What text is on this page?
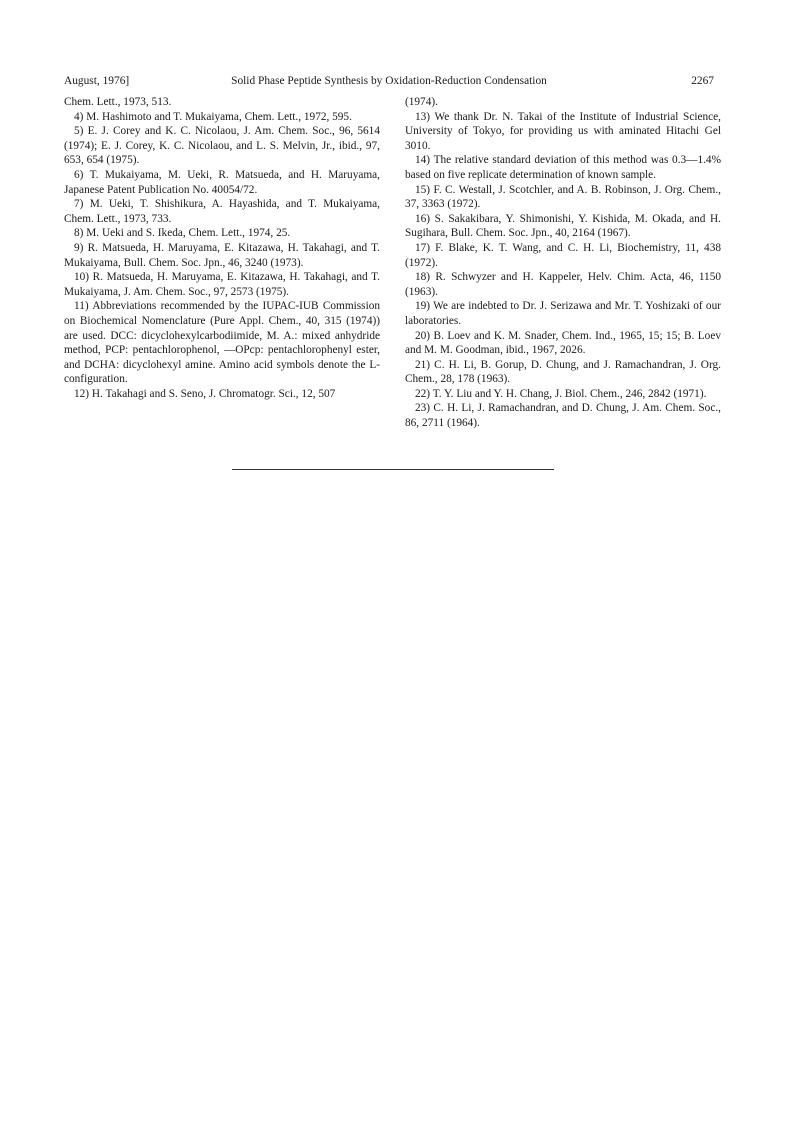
Solid Phase Peptide Synthesis by Oxidation-Reduction Condensation
August, 1976]	2267

Chem. Lett., 1973, 513.

4) M. Hashimoto and T. Mukaiyama, Chem. Lett., 1972, 595.

5) E. J. Corey and K. C. Nicolaou, J. Am. Chem. Soc., 96, 5614 (1974); E. J. Corey, K. C. Nicolaou, and L. S. Melvin, Jr., ibid., 97, 653, 654 (1975).

6) T. Mukaiyama, M. Ueki, R. Matsueda, and H. Maruyama, Japanese Patent Publication No. 40054/72.

7) M. Ueki, T. Shishikura, A. Hayashida, and T. Mukaiyama, Chem. Lett., 1973, 733.

8) M. Ueki and S. Ikeda, Chem. Lett., 1974, 25.

9) R. Matsueda, H. Maruyama, E. Kitazawa, H. Takahagi, and T. Mukaiyama, Bull. Chem. Soc. Jpn., 46, 3240 (1973).

10) R. Matsueda, H. Maruyama, E. Kitazawa, H. Takahagi, and T. Mukaiyama, J. Am. Chem. Soc., 97, 2573 (1975).

11) Abbreviations recommended by the IUPAC-IUB Commission on Biochemical Nomenclature (Pure Appl. Chem., 40, 315 (1974)) are used. DCC: dicyclohexylcarbodiimide, M. A.: mixed anhydride method, PCP: pentachlorophenol, —OPcp: pentachlorophenyl ester, and DCHA: dicyclohexyl amine. Amino acid symbols denote the L-configuration.

12) H. Takahagi and S. Seno, J. Chromatogr. Sci., 12, 507

(1974).

13) We thank Dr. N. Takai of the Institute of Industrial Science, University of Tokyo, for providing us with aminated Hitachi Gel 3010.

14) The relative standard deviation of this method was 0.3—1.4% based on five replicate determination of known sample.

15) F. C. Westall, J. Scotchler, and A. B. Robinson, J. Org. Chem., 37, 3363 (1972).

16) S. Sakakibara, Y. Shimonishi, Y. Kishida, M. Okada, and H. Sugihara, Bull. Chem. Soc. Jpn., 40, 2164 (1967).

17) F. Blake, K. T. Wang, and C. H. Li, Biochemistry, 11, 438 (1972).

18) R. Schwyzer and H. Kappeler, Helv. Chim. Acta, 46, 1150 (1963).

19) We are indebted to Dr. J. Serizawa and Mr. T. Yoshizaki of our laboratories.

20) B. Loev and K. M. Snader, Chem. Ind., 1965, 15; 15; B. Loev and M. M. Goodman, ibid., 1967, 2026.

21) C. H. Li, B. Gorup, D. Chung, and J. Ramachandran, J. Org. Chem., 28, 178 (1963).

22) T. Y. Liu and Y. H. Chang, J. Biol. Chem., 246, 2842 (1971).

23) C. H. Li, J. Ramachandran, and D. Chung, J. Am. Chem. Soc., 86, 2711 (1964).
